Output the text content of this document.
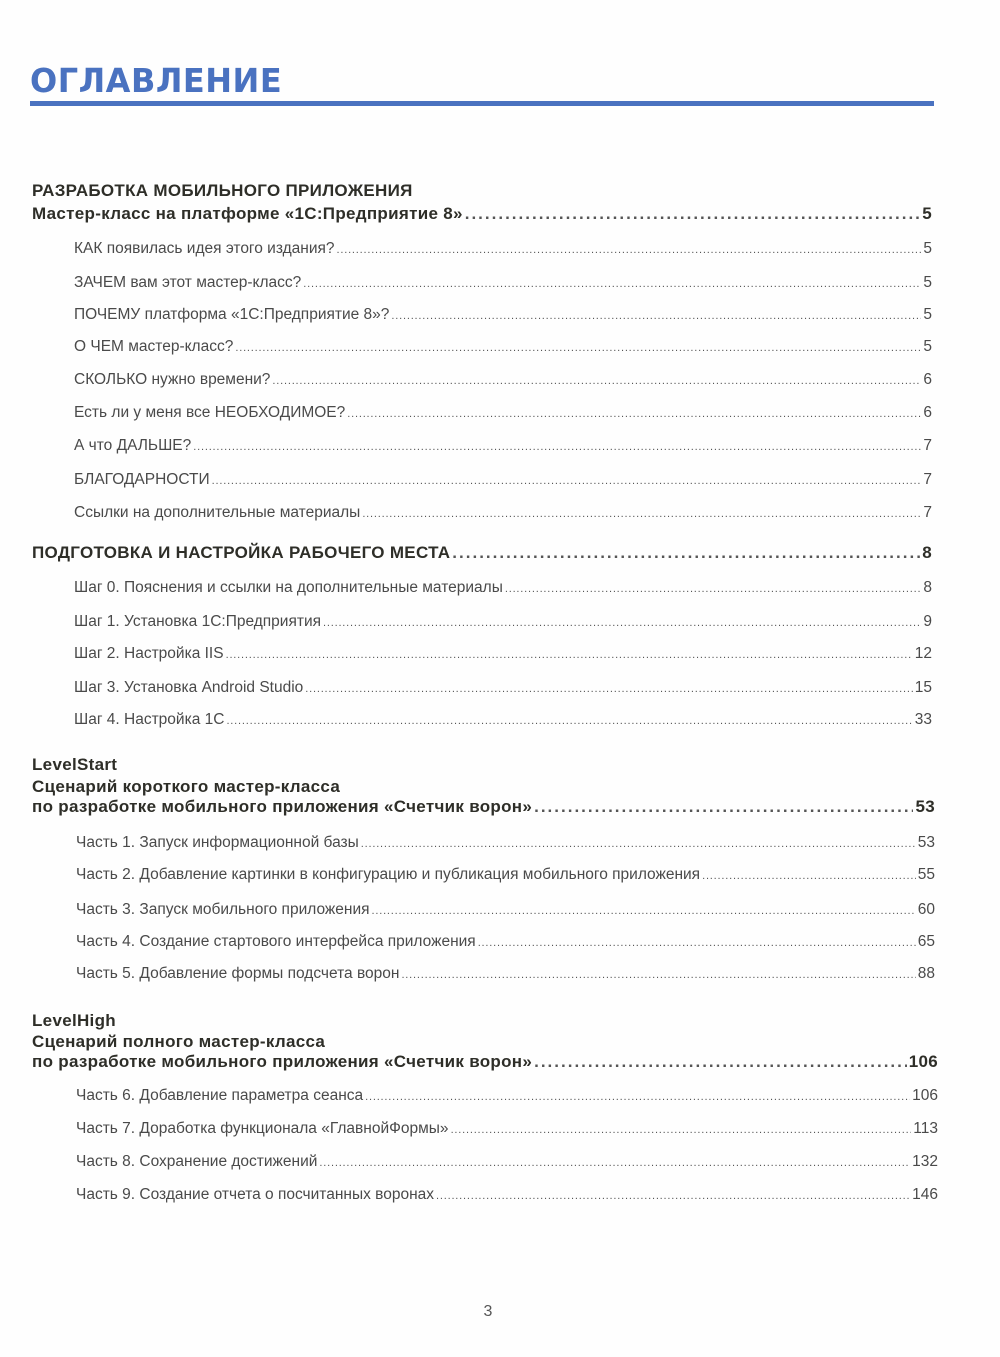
ОГЛАВЛЕНИЕ
РАЗРАБОТКА МОБИЛЬНОГО ПРИЛОЖЕНИЯ
Мастер-класс на платформе «1С:Предприятие 8» .....	5
КАК появилась идея этого издания? .....	5
ЗАЧЕМ вам этот мастер-класс? .....	5
ПОЧЕМУ платформа «1С:Предприятие 8»? .....	5
О ЧЕМ мастер-класс? .....	5
СКОЛЬКО нужно времени? .....	6
Есть ли у меня все НЕОБХОДИМОЕ? .....	6
А что ДАЛЬШЕ? .....	7
БЛАГОДАРНОСТИ .....	7
Ссылки на дополнительные материалы .....	7
ПОДГОТОВКА И НАСТРОЙКА РАБОЧЕГО МЕСТА .....	8
Шаг 0. Пояснения и ссылки на дополнительные материалы .....	8
Шаг 1. Установка 1С:Предприятия .....	9
Шаг 2. Настройка IIS .....	12
Шаг 3. Установка Android Studio .....	15
Шаг 4. Настройка 1С .....	33
LevelStart
Сценарий короткого мастер-класса
по разработке мобильного приложения «Счетчик ворон» .....	53
Часть 1. Запуск информационной базы .....	53
Часть 2. Добавление картинки в конфигурацию и публикация мобильного приложения .....	55
Часть 3. Запуск мобильного приложения .....	60
Часть 4. Создание стартового интерфейса приложения .....	65
Часть 5. Добавление формы подсчета ворон .....	88
LevelHigh
Сценарий полного мастер-класса
по разработке мобильного приложения «Счетчик ворон» .....	106
Часть 6. Добавление параметра сеанса .....	106
Часть 7. Доработка функционала «ГлавнойФормы» .....	113
Часть 8. Сохранение достижений .....	132
Часть 9. Создание отчета о посчитанных воронах .....	146
3
